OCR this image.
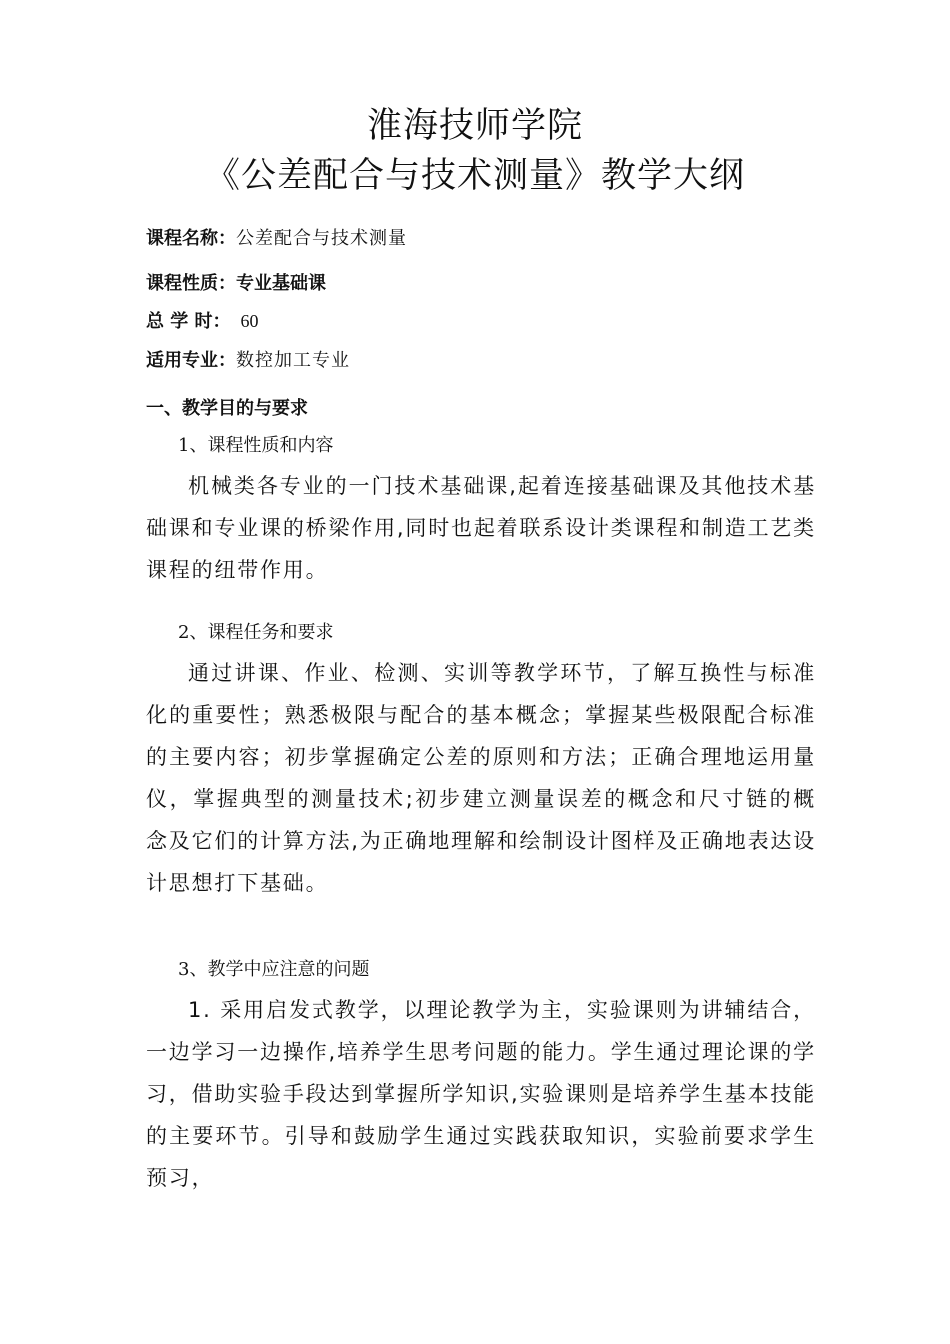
淮海技师学院
《公差配合与技术测量》教学大纲
课程名称：公差配合与技术测量
课程性质：专业基础课
总 学 时： 60
适用专业：数控加工专业
一、教学目的与要求
1、课程性质和内容

机械类各专业的一门技术基础课,起着连接基础课及其他技术基础课和专业课的桥梁作用,同时也起着联系设计类课程和制造工艺类课程的纽带作用。

2、课程任务和要求

通过讲课、作业、检测、实训等教学环节，了解互换性与标准化的重要性；熟悉极限与配合的基本概念；掌握某些极限配合标准的主要内容；初步掌握确定公差的原则和方法；正确合理地运用量仪，掌握典型的测量技术;初步建立测量误差的概念和尺寸链的概念及它们的计算方法,为正确地理解和绘制设计图样及正确地表达设计思想打下基础。

3、教学中应注意的问题

1. 采用启发式教学，以理论教学为主，实验课则为讲辅结合，一边学习一边操作,培养学生思考问题的能力。学生通过理论课的学习，借助实验手段达到掌握所学知识,实验课则是培养学生基本技能的主要环节。引导和鼓励学生通过实践获取知识，实验前要求学生预习，
